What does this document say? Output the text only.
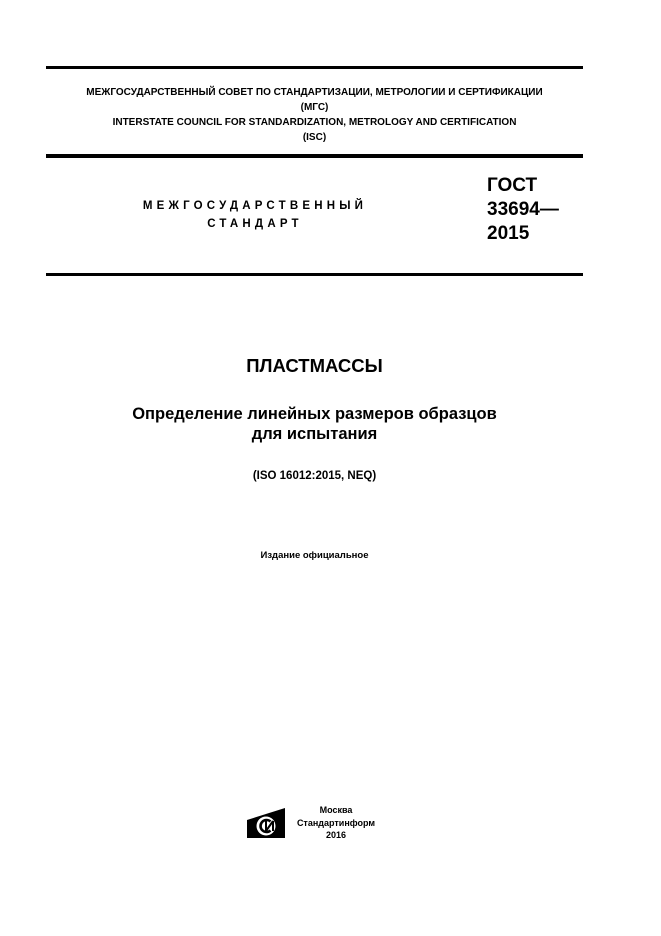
МЕЖГОСУДАРСТВЕННЫЙ СОВЕТ ПО СТАНДАРТИЗАЦИИ, МЕТРОЛОГИИ И СЕРТИФИКАЦИИ
(МГС)
INTERSTATE COUNCIL FOR STANDARDIZATION, METROLOGY AND CERTIFICATION
(ISC)
МЕЖГОСУДАРСТВЕННЫЙ
СТАНДАРТ
ГОСТ
33694—
2015
ПЛАСТМАССЫ
Определение линейных размеров образцов
для испытания
(ISO 16012:2015, NEQ)
Издание официальное
Москва
Стандартинформ
2016
